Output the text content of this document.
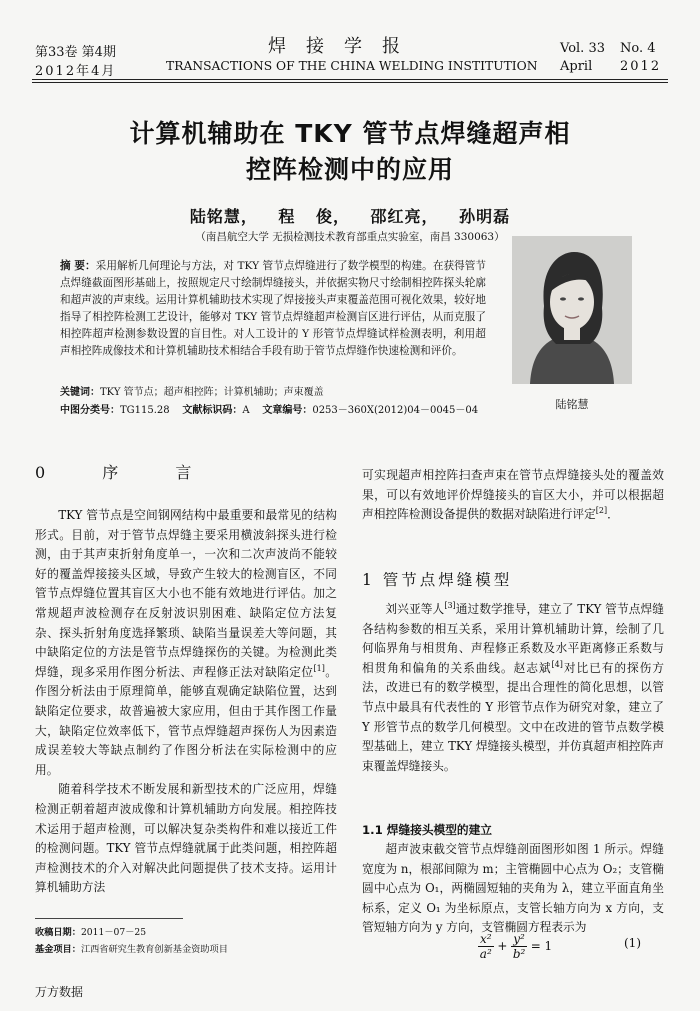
第33卷 第4期
2012年4月
焊接学报
TRANSACTIONS OF THE CHINA WELDING INSTITUTION
Vol. 33 No. 4
April 2012
计算机辅助在 TKY 管节点焊缝超声相
控阵检测中的应用
陆铭慧， 程 俊， 邵红亮， 孙明磊
（南昌航空大学 无损检测技术教育部重点实验室，南昌 330063）
摘 要：采用解析几何理论与方法，对 TKY 管节点焊缝进行了数学模型的构建。在获得管节点焊缝截面图形基础上，按照规定尺寸绘制焊缝接头，并依据实物尺寸绘制相控阵探头轮廓和超声波的声束线。运用计算机辅助技术实现了焊接接头声束覆盖范围可视化效果，较好地指导了相控阵检测工艺设计，能够对 TKY 管节点焊缝超声检测盲区进行评估，从而克服了相控阵超声检测参数设置的盲目性。对人工设计的 Y 形管节点焊缝试样检测表明，利用超声相控阵成像技术和计算机辅助技术相结合手段有助于管节点焊缝作快速检测和评价。
关键词：TKY 管节点；超声相控阵；计算机辅助；声束覆盖
中图分类号：TG115.28 文献标识码：A 文章编号：0253－360X(2012)04－0045－04	陆铭慧
0 序 言

TKY 管节点是空间钢网结构中最重要和最常见的结构形式。目前，对于管节点焊缝主要采用横波斜探头进行检测，由于其声束折射角度单一，一次和二次声波尚不能较好的覆盖焊接接头区域，导致产生较大的检测盲区，不同管节点焊缝位置其盲区大小也不能有效地进行评估。加之常规超声波检测存在反射波识别困难、缺陷定位方法复杂、探头折射角度选择繁琐、缺陷当量误差大等问题，其中缺陷定位的方法是管节点焊缝探伤的关键。为检测此类焊缝，现多采用作图分析法、声程修正法对缺陷定位[1]。作图分析法由于原理简单，能够直观确定缺陷位置，达到缺陷定位要求，故普遍被大家应用，但由于其作图工作量大，缺陷定位效率低下，管节点焊缝超声探伤人为因素造成误差较大等缺点制约了作图分析法在实际检测中的应用。

随着科学技术不断发展和新型技术的广泛应用，焊缝检测正朝着超声波成像和计算机辅助方向发展。相控阵技术运用于超声检测，可以解决复杂类构件和难以接近工件的检测问题。TKY 管节点焊缝就属于此类问题，相控阵超声检测技术的介入对解决此问题提供了技术支持。运用计算机辅助方法

可实现超声相控阵扫查声束在管节点焊缝接头处的覆盖效果，可以有效地评价焊缝接头的盲区大小，并可以根据超声相控阵检测设备提供的数据对缺陷进行评定[2]．

1 管节点焊缝模型

刘兴亚等人[3]通过数学推导，建立了 TKY 管节点焊缝各结构参数的相互关系，采用计算机辅助计算，绘制了几何临界角与相贯角、声程修正系数及水平距离修正系数与相贯角和偏角的关系曲线。赵志斌[4]对比已有的探伤方法，改进已有的数学模型，提出合理性的简化思想，以管节点中最具有代表性的 Y 形管节点作为研究对象，建立了 Y 形管节点的数学几何模型。文中在改进的管节点数学模型基础上，建立 TKY 焊缝接头模型，并仿真超声相控阵声束覆盖焊缝接头。

1.1 焊缝接头模型的建立

超声波束截交管节点焊缝剖面图形如图 1 所示。焊缝宽度为 n，根部间隙为 m；主管椭圆中心点为 O₂；支管椭圆中心点为 O₁，两椭圆短轴的夹角为 λ，建立平面直角坐标系，定义 O₁ 为坐标原点，支管长轴方向为 x 方向，支管短轴方向为 y 方向，支管椭圆方程表示为

$\frac{\text{x²}}{\text{a²}} + \frac{\text{y²}}{\text{b²}} = 1$	(1)
收稿日期：2011－07－25
基金项目：江西省研究生教育创新基金资助项目
万方数据
